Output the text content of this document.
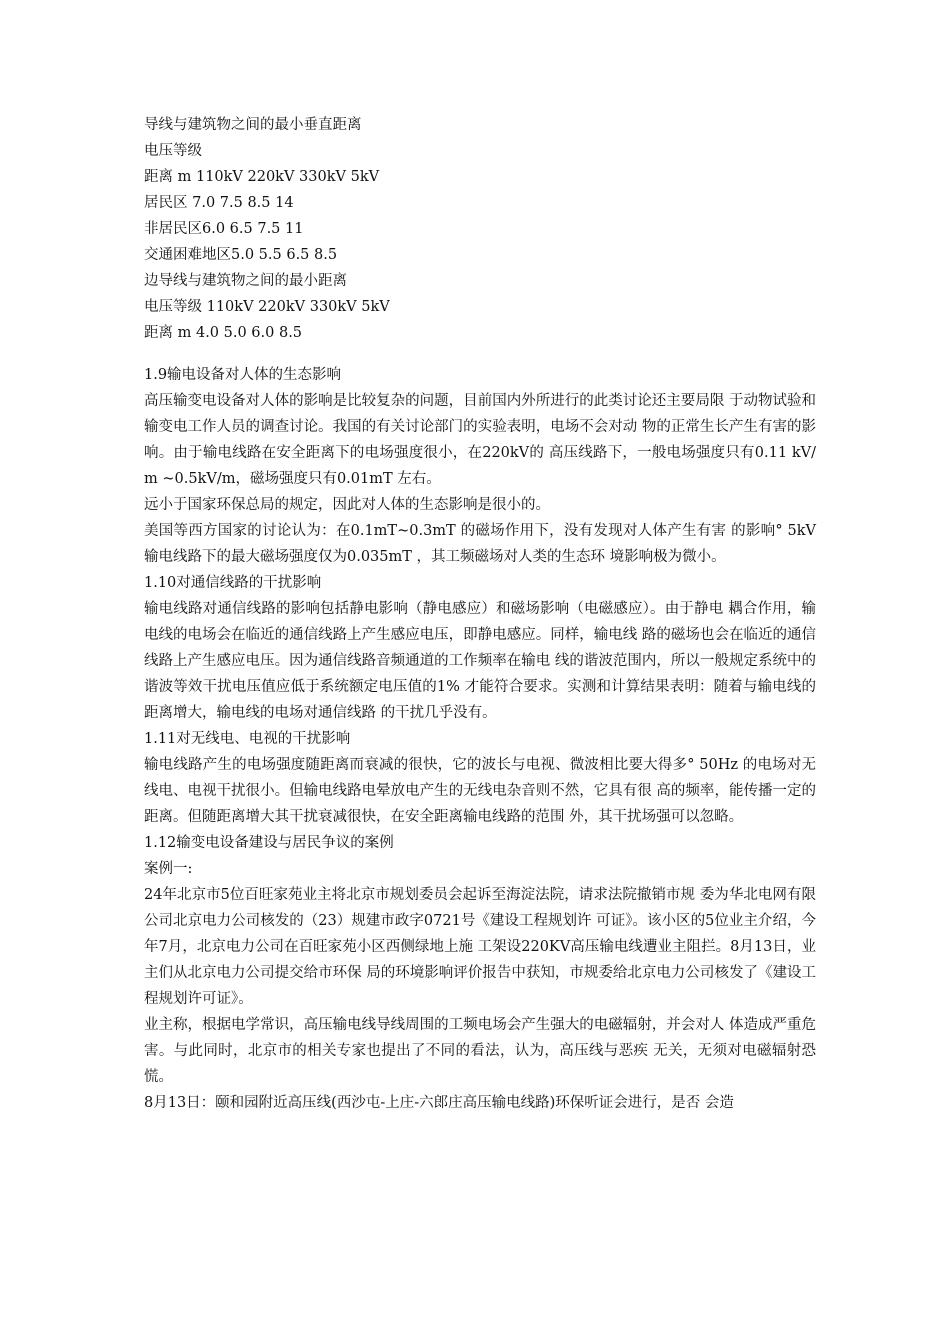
导线与建筑物之间的最小垂直距离

电压等级

距离 m 110kV 220kV 330kV 5kV

居民区 7.0 7.5 8.5 14

非居民区6.0 6.5 7.5 11

交通困难地区5.0 5.5 6.5 8.5

边导线与建筑物之间的最小距离

电压等级 110kV 220kV 330kV 5kV

距离 m 4.0 5.0 6.0 8.5

1.9输电设备对人体的生态影响

高压输变电设备对人体的影响是比较复杂的问题，目前国内外所进行的此类讨论还主要局限 于动物试验和输变电工作人员的调查讨论。我国的有关讨论部门的实验表明，电场不会对动 物的正常生长产生有害的影响。由于输电线路在安全距离下的电场强度很小，在220kV的 高压线路下，一般电场强度只有0.11 kV/m ~0.5kV/m，磁场强度只有0.01mT 左右。

远小于国家环保总局的规定，因此对人体的生态影响是很小的。

美国等西方国家的讨论认为：在0.1mT~0.3mT 的磁场作用下，没有发现对人体产生有害 的影响° 5kV输电线路下的最大磁场强度仅为0.035mT ，其工频磁场对人类的生态环 境影响极为微小。

1.10对通信线路的干扰影响

输电线路对通信线路的影响包括静电影响（静电感应）和磁场影响（电磁感应）。由于静电 耦合作用，输电线的电场会在临近的通信线路上产生感应电压，即静电感应。同样，输电线 路的磁场也会在临近的通信线路上产生感应电压。因为通信线路音频通道的工作频率在输电 线的谐波范围内，所以一般规定系统中的谐波等效干扰电压值应低于系统额定电压值的1% 才能符合要求。实测和计算结果表明：随着与输电线的距离增大，输电线的电场对通信线路 的干扰几乎没有。

1.11对无线电、电视的干扰影响

输电线路产生的电场强度随距离而衰减的很快，它的波长与电视、微波相比要大得多° 50Hz 的电场对无线电、电视干扰很小。但输电线路电晕放电产生的无线电杂音则不然，它具有很 高的频率，能传播一定的距离。但随距离增大其干扰衰减很快，在安全距离输电线路的范围 外，其干扰场强可以忽略。

1.12输变电设备建设与居民争议的案例

案例一:

24年北京市5位百旺家苑业主将北京市规划委员会起诉至海淀法院，请求法院撤销市规 委为华北电网有限公司北京电力公司核发的（23）规建市政字0721号《建设工程规划许 可证》。该小区的5位业主介绍，今年7月，北京电力公司在百旺家苑小区西侧绿地上施 工架设220KV高压输电线遭业主阻拦。8月13日，业主们从北京电力公司提交给市环保 局的环境影响评价报告中获知，市规委给北京电力公司核发了《建设工程规划许可证》。

业主称，根据电学常识，高压输电线导线周围的工频电场会产生强大的电磁辐射，并会对人 体造成严重危害。与此同时，北京市的相关专家也提出了不同的看法，认为，高压线与恶疾 无关，无须对电磁辐射恐慌。

8月13日：颐和园附近高压线(西沙屯-上庄-六郎庄高压输电线路)环保听证会进行，是否 会造
